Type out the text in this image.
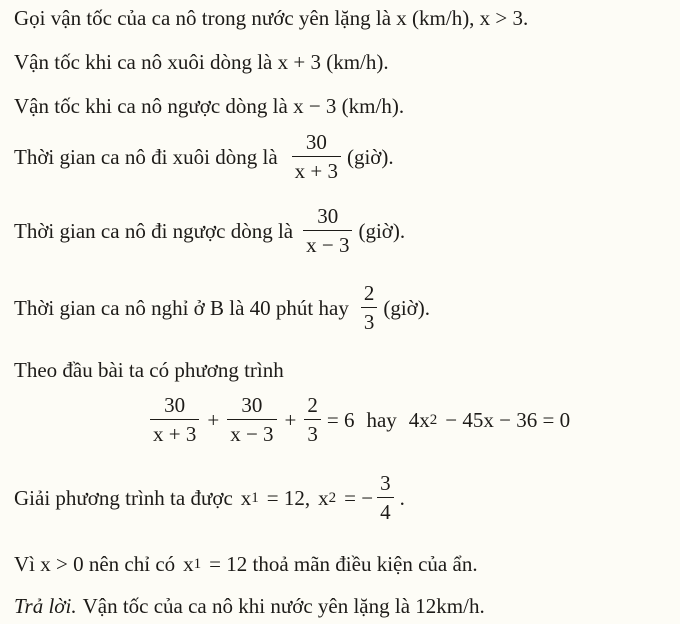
Gọi vận tốc của ca nô trong nước yên lặng là x (km/h), x > 3.
Vận tốc khi ca nô xuôi dòng là x + 3 (km/h).
Vận tốc khi ca nô ngược dòng là x − 3 (km/h).
Thời gian ca nô đi xuôi dòng là $\frac{30}{x + 3}$ (giờ).
Thời gian ca nô đi ngược dòng là $\frac{30}{x - 3}$ (giờ).
Thời gian ca nô nghỉ ở B là 40 phút hay $\frac{2}{3}$ (giờ).
Theo đầu bài ta có phương trình
$\frac{30}{x + 3} + \frac{30}{x - 3} + \frac{2}{3} = 6$ hay 4x 2 − 45x − 36 = 0
Giải phương trình ta được x 1 = 12, x 2 = − $\frac{3}{4}$ .
Vì x > 0 nên chỉ có x 1 = 12 thoả mãn điều kiện của ẩn.
Trả lời. Vận tốc của ca nô khi nước yên lặng là 12km/h.
